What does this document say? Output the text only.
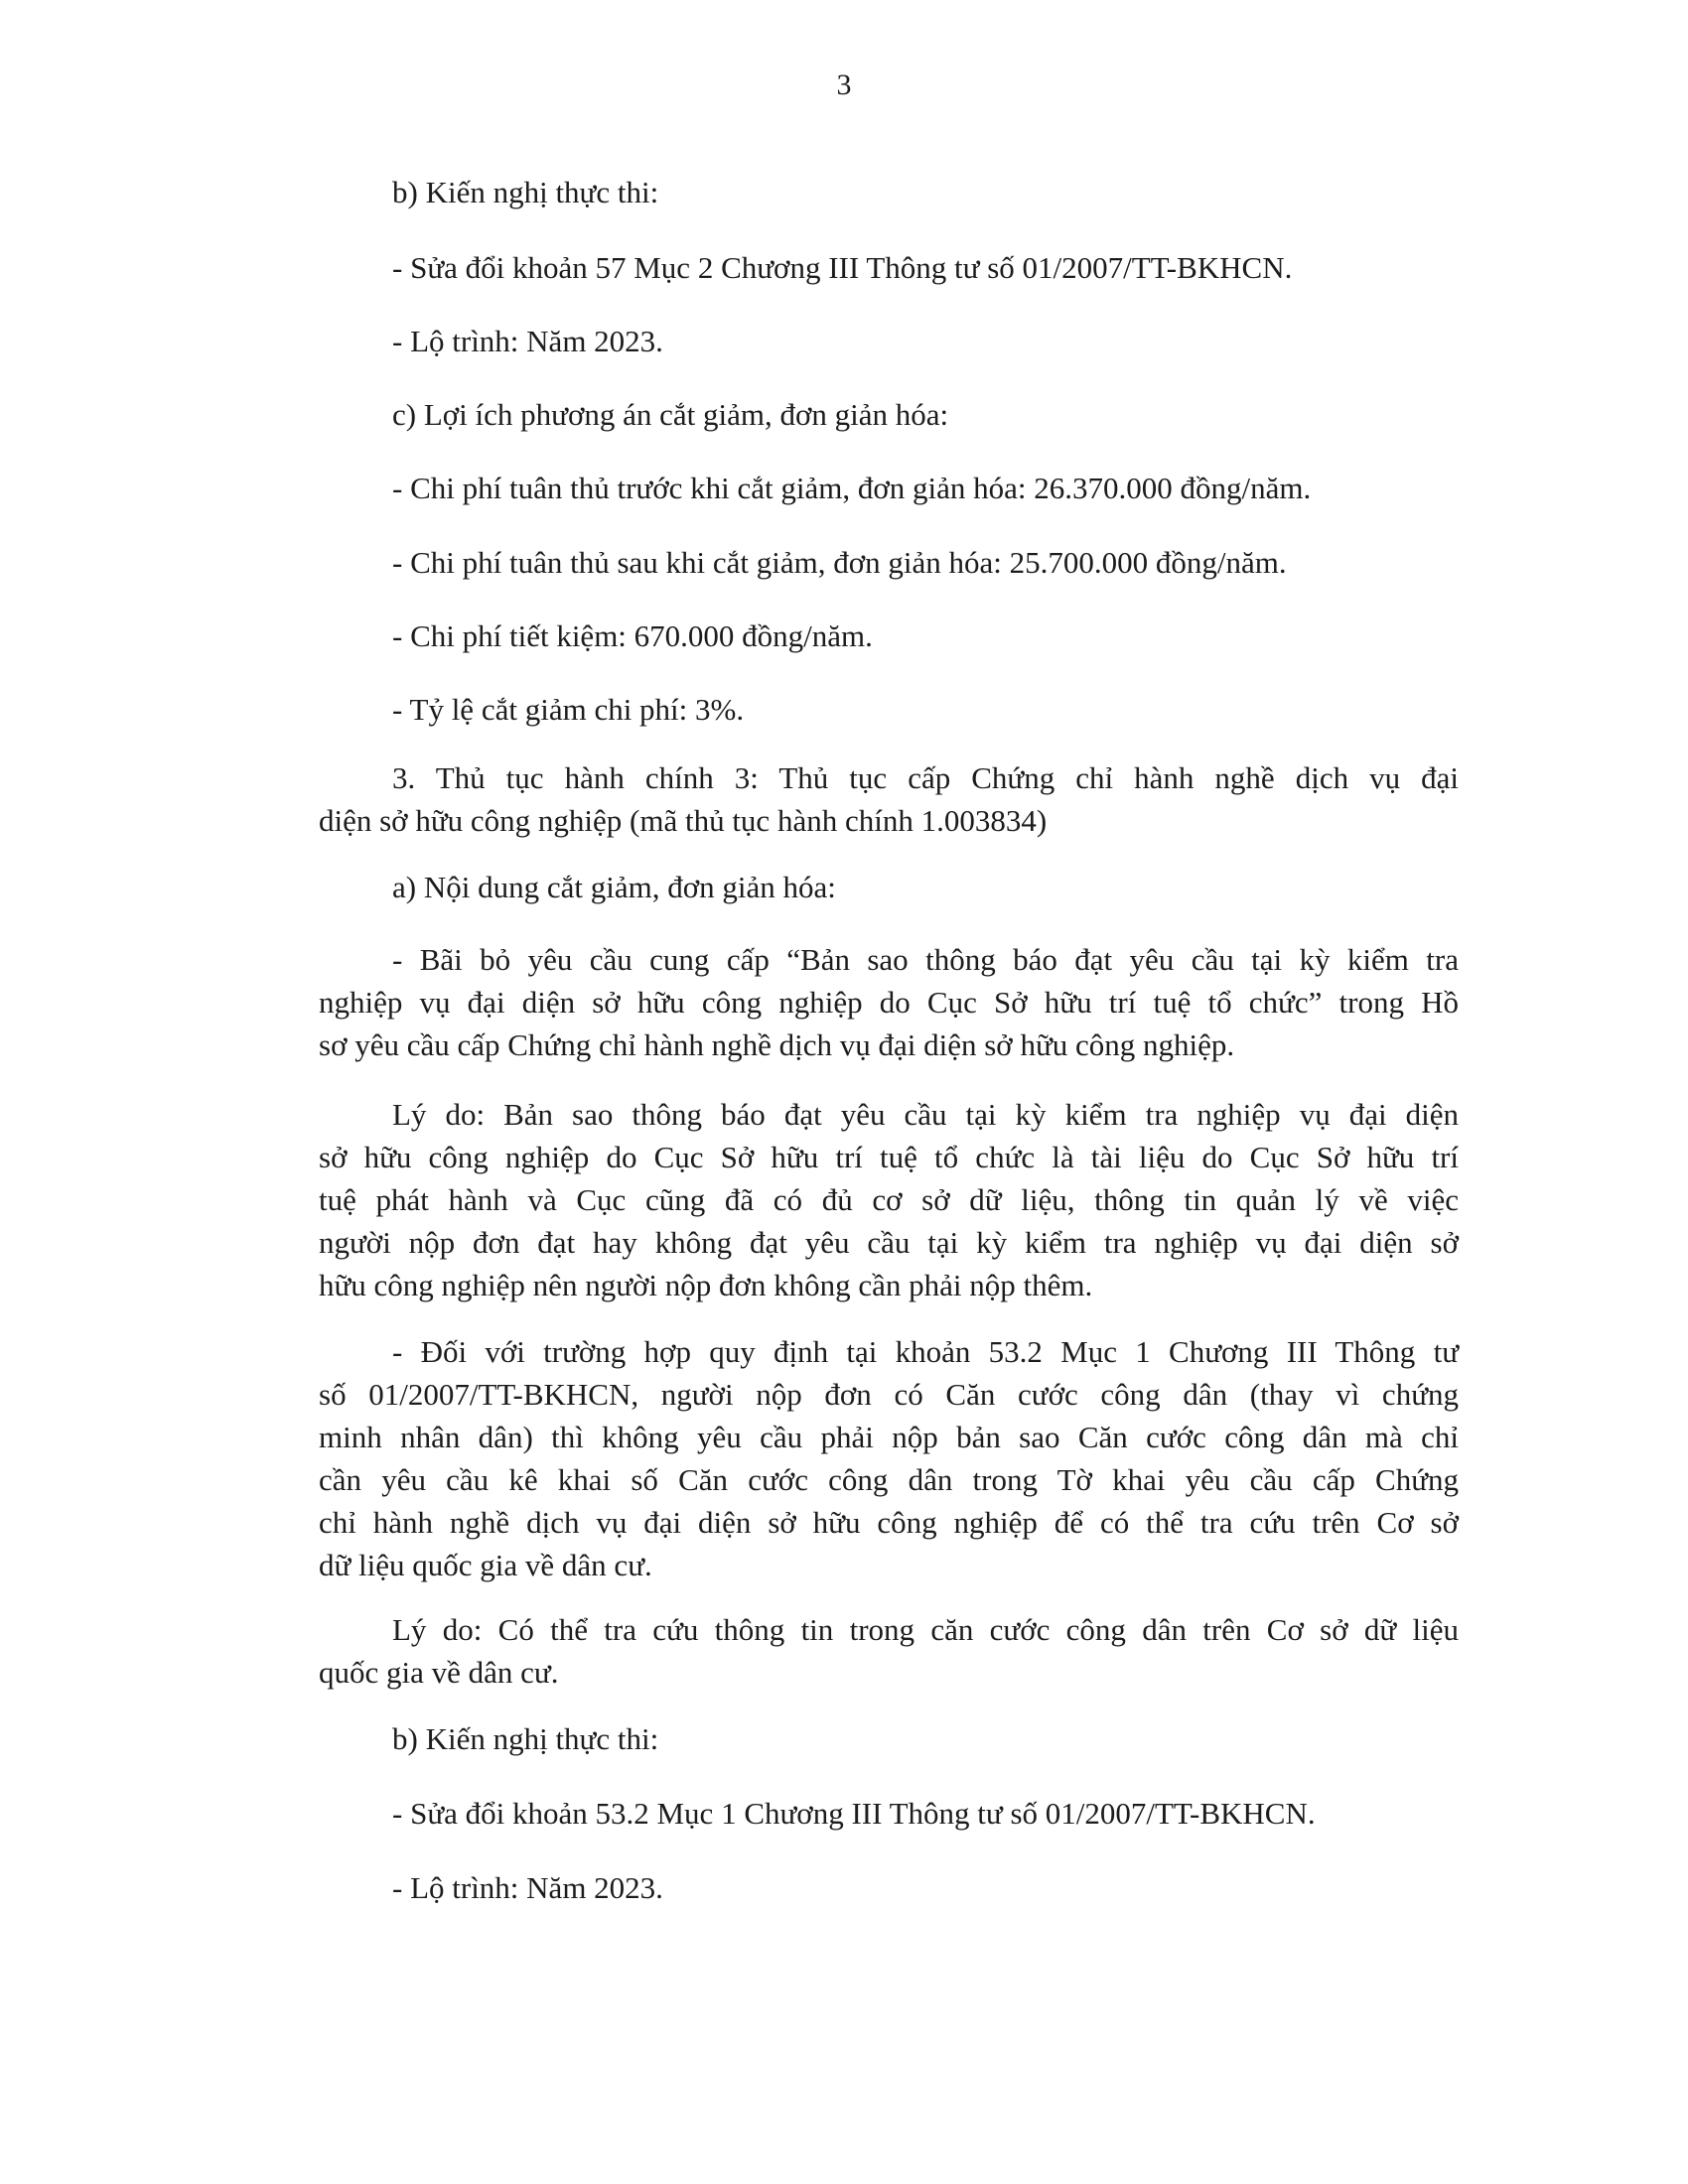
3

b) Kiến nghị thực thi:

- Sửa đổi khoản 57 Mục 2 Chương III Thông tư số 01/2007/TT-BKHCN.

- Lộ trình: Năm 2023.

c) Lợi ích phương án cắt giảm, đơn giản hóa:

- Chi phí tuân thủ trước khi cắt giảm, đơn giản hóa: 26.370.000 đồng/năm.

- Chi phí tuân thủ sau khi cắt giảm, đơn giản hóa: 25.700.000 đồng/năm.

- Chi phí tiết kiệm: 670.000 đồng/năm.

- Tỷ lệ cắt giảm chi phí: 3%.

3. Thủ tục hành chính 3: Thủ tục cấp Chứng chỉ hành nghề dịch vụ đại
diện sở hữu công nghiệp (mã thủ tục hành chính 1.003834)

a) Nội dung cắt giảm, đơn giản hóa:

- Bãi bỏ yêu cầu cung cấp “Bản sao thông báo đạt yêu cầu tại kỳ kiểm tra
nghiệp vụ đại diện sở hữu công nghiệp do Cục Sở hữu trí tuệ tổ chức” trong Hồ
sơ yêu cầu cấp Chứng chỉ hành nghề dịch vụ đại diện sở hữu công nghiệp.

Lý do: Bản sao thông báo đạt yêu cầu tại kỳ kiểm tra nghiệp vụ đại diện
sở hữu công nghiệp do Cục Sở hữu trí tuệ tổ chức là tài liệu do Cục Sở hữu trí
tuệ phát hành và Cục cũng đã có đủ cơ sở dữ liệu, thông tin quản lý về việc
người nộp đơn đạt hay không đạt yêu cầu tại kỳ kiểm tra nghiệp vụ đại diện sở
hữu công nghiệp nên người nộp đơn không cần phải nộp thêm.

- Đối với trường hợp quy định tại khoản 53.2 Mục 1 Chương III Thông tư
số 01/2007/TT-BKHCN, người nộp đơn có Căn cước công dân (thay vì chứng
minh nhân dân) thì không yêu cầu phải nộp bản sao Căn cước công dân mà chỉ
cần yêu cầu kê khai số Căn cước công dân trong Tờ khai yêu cầu cấp Chứng
chỉ hành nghề dịch vụ đại diện sở hữu công nghiệp để có thể tra cứu trên Cơ sở
dữ liệu quốc gia về dân cư.

Lý do: Có thể tra cứu thông tin trong căn cước công dân trên Cơ sở dữ liệu
quốc gia về dân cư.

b) Kiến nghị thực thi:

- Sửa đổi khoản 53.2 Mục 1 Chương III Thông tư số 01/2007/TT-BKHCN.

- Lộ trình: Năm 2023.
